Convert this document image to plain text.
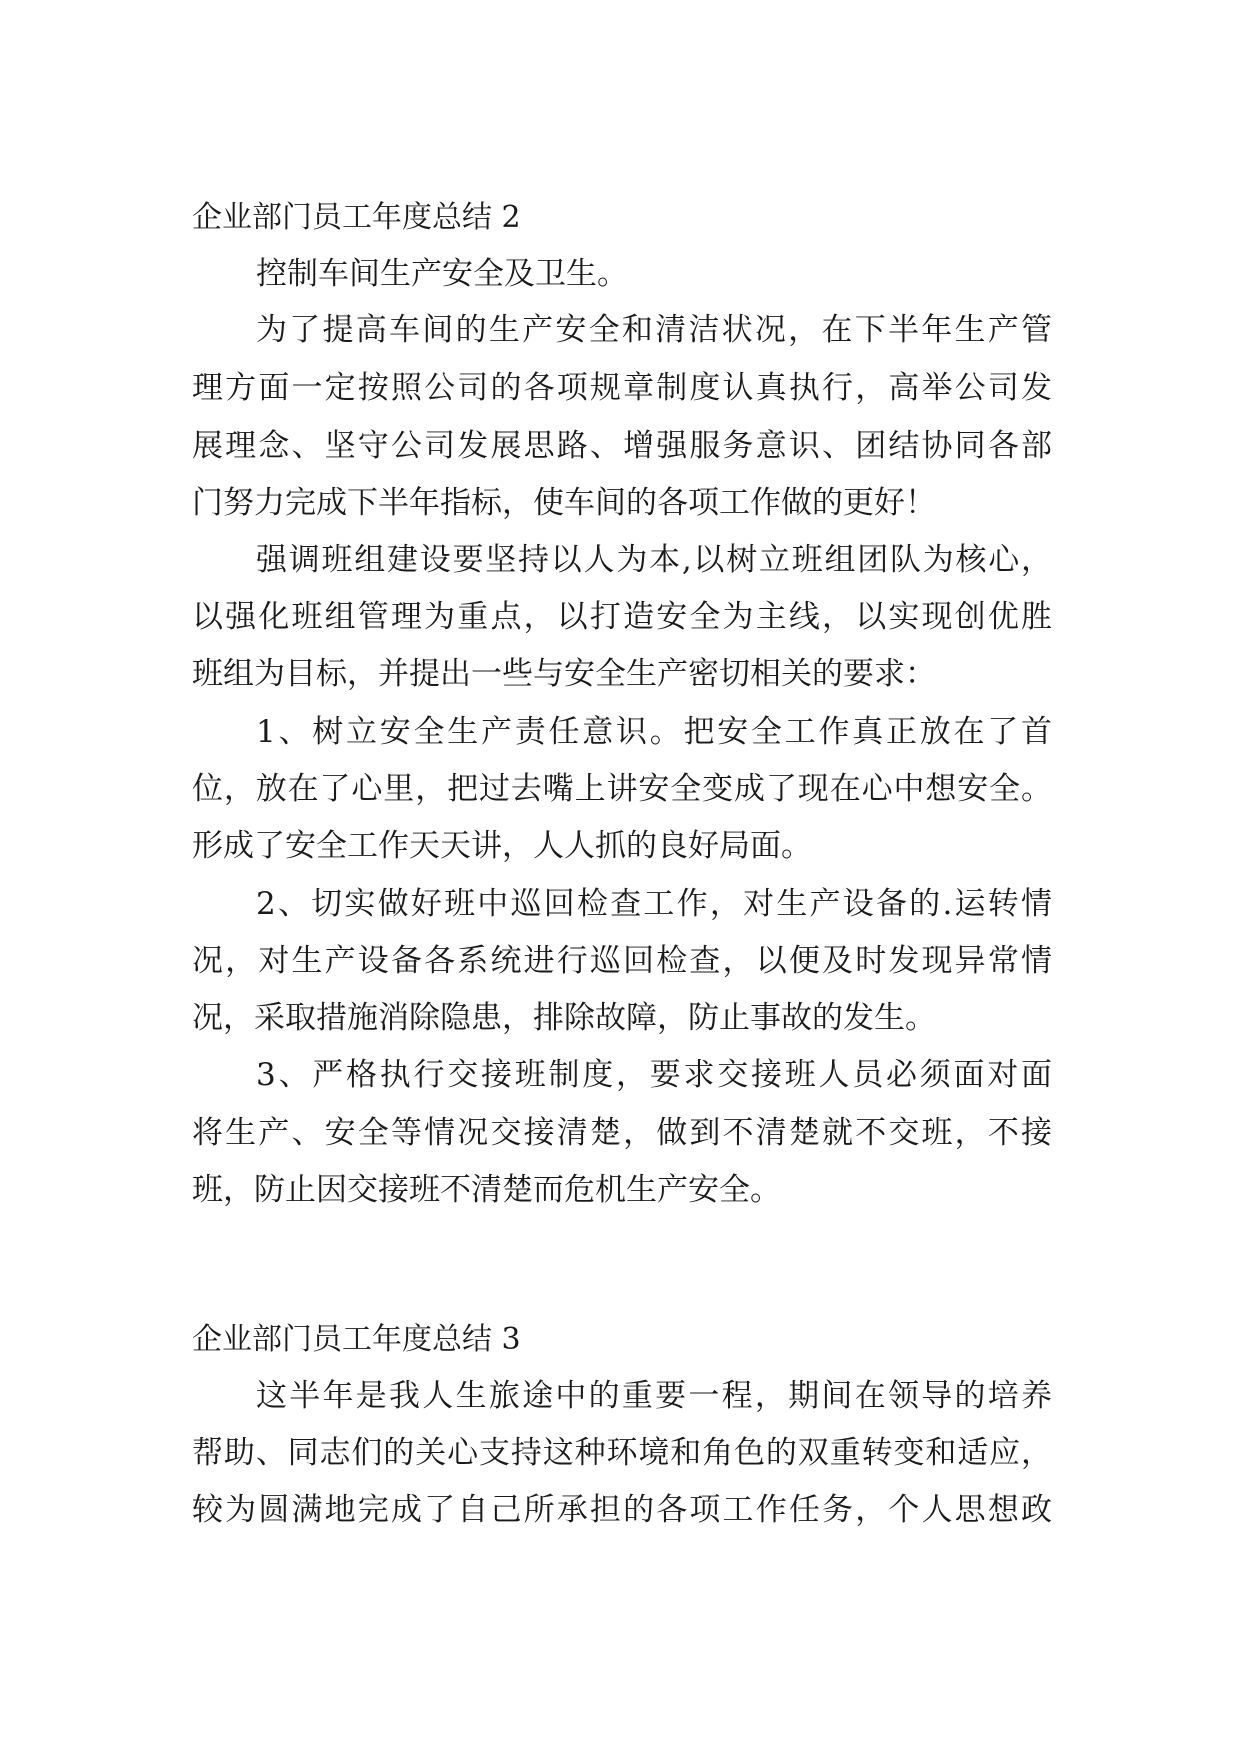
企业部门员工年度总结 2
控制车间生产安全及卫生。
为了提高车间的生产安全和清洁状况，在下半年生产管
理方面一定按照公司的各项规章制度认真执行，高举公司发
展理念、坚守公司发展思路、增强服务意识、团结协同各部
门努力完成下半年指标，使车间的各项工作做的更好！
强调班组建设要坚持以人为本,以树立班组团队为核心，
以强化班组管理为重点，以打造安全为主线，以实现创优胜
班组为目标，并提出一些与安全生产密切相关的要求：
1、树立安全生产责任意识。把安全工作真正放在了首
位，放在了心里，把过去嘴上讲安全变成了现在心中想安全。
形成了安全工作天天讲，人人抓的良好局面。
2、切实做好班中巡回检查工作，对生产设备的.运转情
况，对生产设备各系统进行巡回检查，以便及时发现异常情
况，采取措施消除隐患，排除故障，防止事故的发生。
3、严格执行交接班制度，要求交接班人员必须面对面
将生产、安全等情况交接清楚，做到不清楚就不交班，不接
班，防止因交接班不清楚而危机生产安全。
企业部门员工年度总结 3
这半年是我人生旅途中的重要一程，期间在领导的培养
帮助、同志们的关心支持这种环境和角色的双重转变和适应，
较为圆满地完成了自己所承担的各项工作任务，个人思想政
